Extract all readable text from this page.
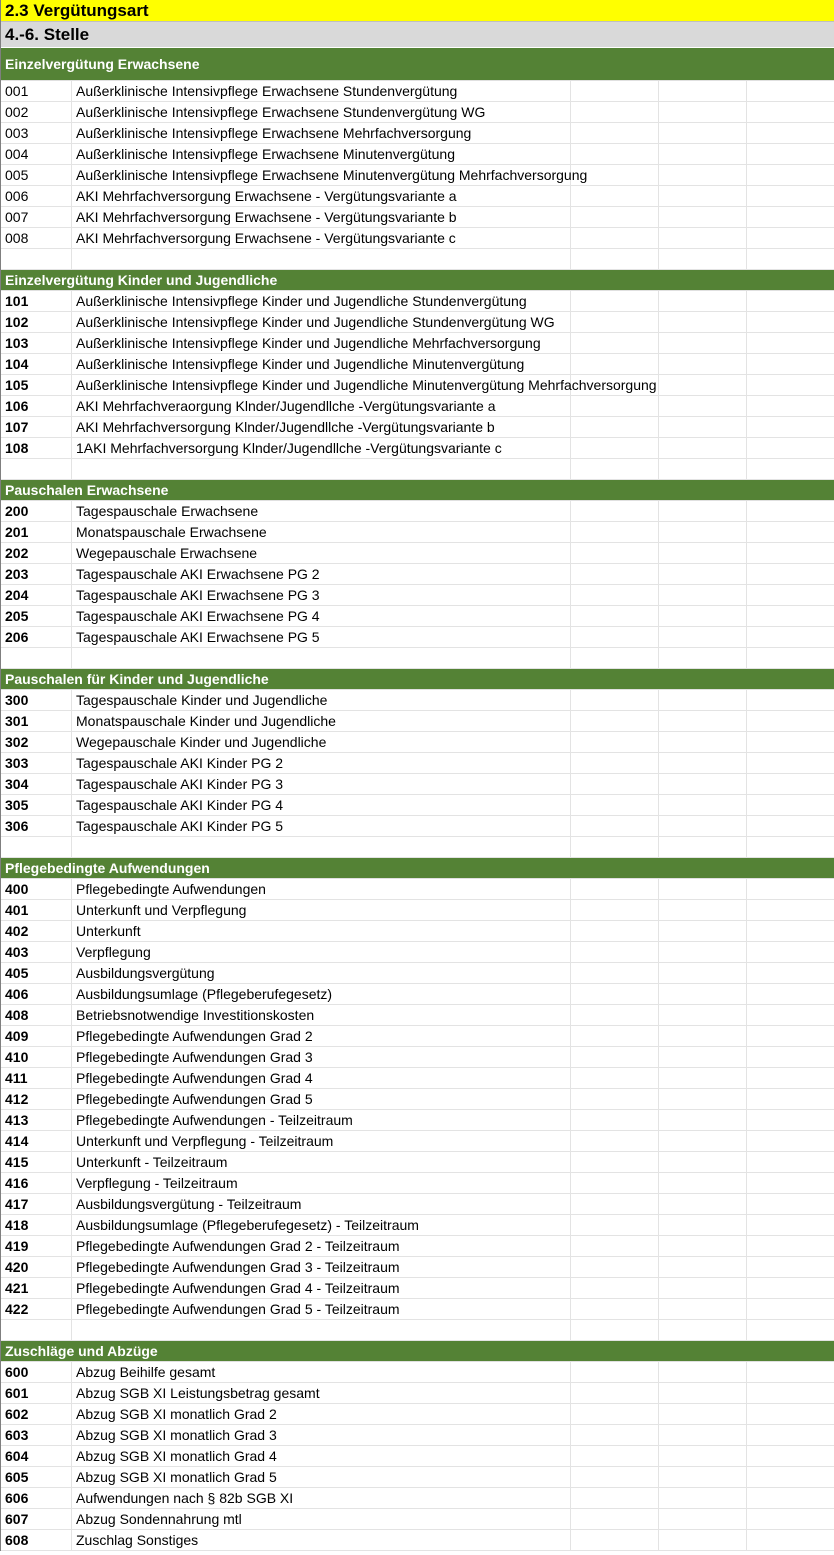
2.3 Vergütungsart
4.-6. Stelle
Einzelvergütung Erwachsene
001	Außerklinische Intensivpflege Erwachsene Stundenvergütung
002	Außerklinische Intensivpflege Erwachsene Stundenvergütung WG
003	Außerklinische Intensivpflege Erwachsene Mehrfachversorgung
004	Außerklinische Intensivpflege Erwachsene Minutenvergütung
005	Außerklinische Intensivpflege Erwachsene Minutenvergütung Mehrfachversorgung
006	AKI Mehrfachversorgung Erwachsene - Vergütungsvariante a
007	AKI Mehrfachversorgung Erwachsene - Vergütungsvariante b
008	AKI Mehrfachversorgung Erwachsene - Vergütungsvariante c
Einzelvergütung Kinder und Jugendliche
101	Außerklinische Intensivpflege Kinder und Jugendliche Stundenvergütung
102	Außerklinische Intensivpflege Kinder und Jugendliche Stundenvergütung WG
103	Außerklinische Intensivpflege Kinder und Jugendliche Mehrfachversorgung
104	Außerklinische Intensivpflege Kinder und Jugendliche Minutenvergütung
105	Außerklinische Intensivpflege Kinder und Jugendliche Minutenvergütung Mehrfachversorgung
106	AKI Mehrfachveraorgung Klnder/Jugendllche -Vergütungsvariante a
107	AKI Mehrfachversorgung Klnder/Jugendllche -Vergütungsvariante b
108	1AKI Mehrfachversorgung Klnder/Jugendllche -Vergütungsvariante c
Pauschalen Erwachsene
200	Tagespauschale Erwachsene
201	Monatspauschale Erwachsene
202	Wegepauschale Erwachsene
203	Tagespauschale AKI Erwachsene PG 2
204	Tagespauschale AKI Erwachsene PG 3
205	Tagespauschale AKI Erwachsene PG 4
206	Tagespauschale AKI Erwachsene PG 5
Pauschalen für Kinder und Jugendliche
300	Tagespauschale Kinder und Jugendliche
301	Monatspauschale Kinder und Jugendliche
302	Wegepauschale Kinder und Jugendliche
303	Tagespauschale AKI Kinder PG 2
304	Tagespauschale AKI Kinder PG 3
305	Tagespauschale AKI Kinder PG 4
306	Tagespauschale AKI Kinder PG 5
Pflegebedingte Aufwendungen
400	Pflegebedingte Aufwendungen
401	Unterkunft und Verpflegung
402	Unterkunft
403	Verpflegung
405	Ausbildungsvergütung
406	Ausbildungsumlage (Pflegeberufegesetz)
408	Betriebsnotwendige Investitionskosten
409	Pflegebedingte Aufwendungen Grad 2
410	Pflegebedingte Aufwendungen Grad 3
411	Pflegebedingte Aufwendungen Grad 4
412	Pflegebedingte Aufwendungen Grad 5
413	Pflegebedingte Aufwendungen - Teilzeitraum
414	Unterkunft und Verpflegung - Teilzeitraum
415	Unterkunft - Teilzeitraum
416	Verpflegung - Teilzeitraum
417	Ausbildungsvergütung - Teilzeitraum
418	Ausbildungsumlage (Pflegeberufegesetz) - Teilzeitraum
419	Pflegebedingte Aufwendungen Grad 2 - Teilzeitraum
420	Pflegebedingte Aufwendungen Grad 3 - Teilzeitraum
421	Pflegebedingte Aufwendungen Grad 4 - Teilzeitraum
422	Pflegebedingte Aufwendungen Grad 5 - Teilzeitraum
Zuschläge und Abzüge
600	Abzug Beihilfe gesamt
601	Abzug SGB XI Leistungsbetrag gesamt
602	Abzug SGB XI monatlich Grad 2
603	Abzug SGB XI monatlich Grad 3
604	Abzug SGB XI monatlich Grad 4
605	Abzug SGB XI monatlich Grad 5
606	Aufwendungen nach § 82b SGB XI
607	Abzug Sondennahrung mtl
608	Zuschlag Sonstiges
